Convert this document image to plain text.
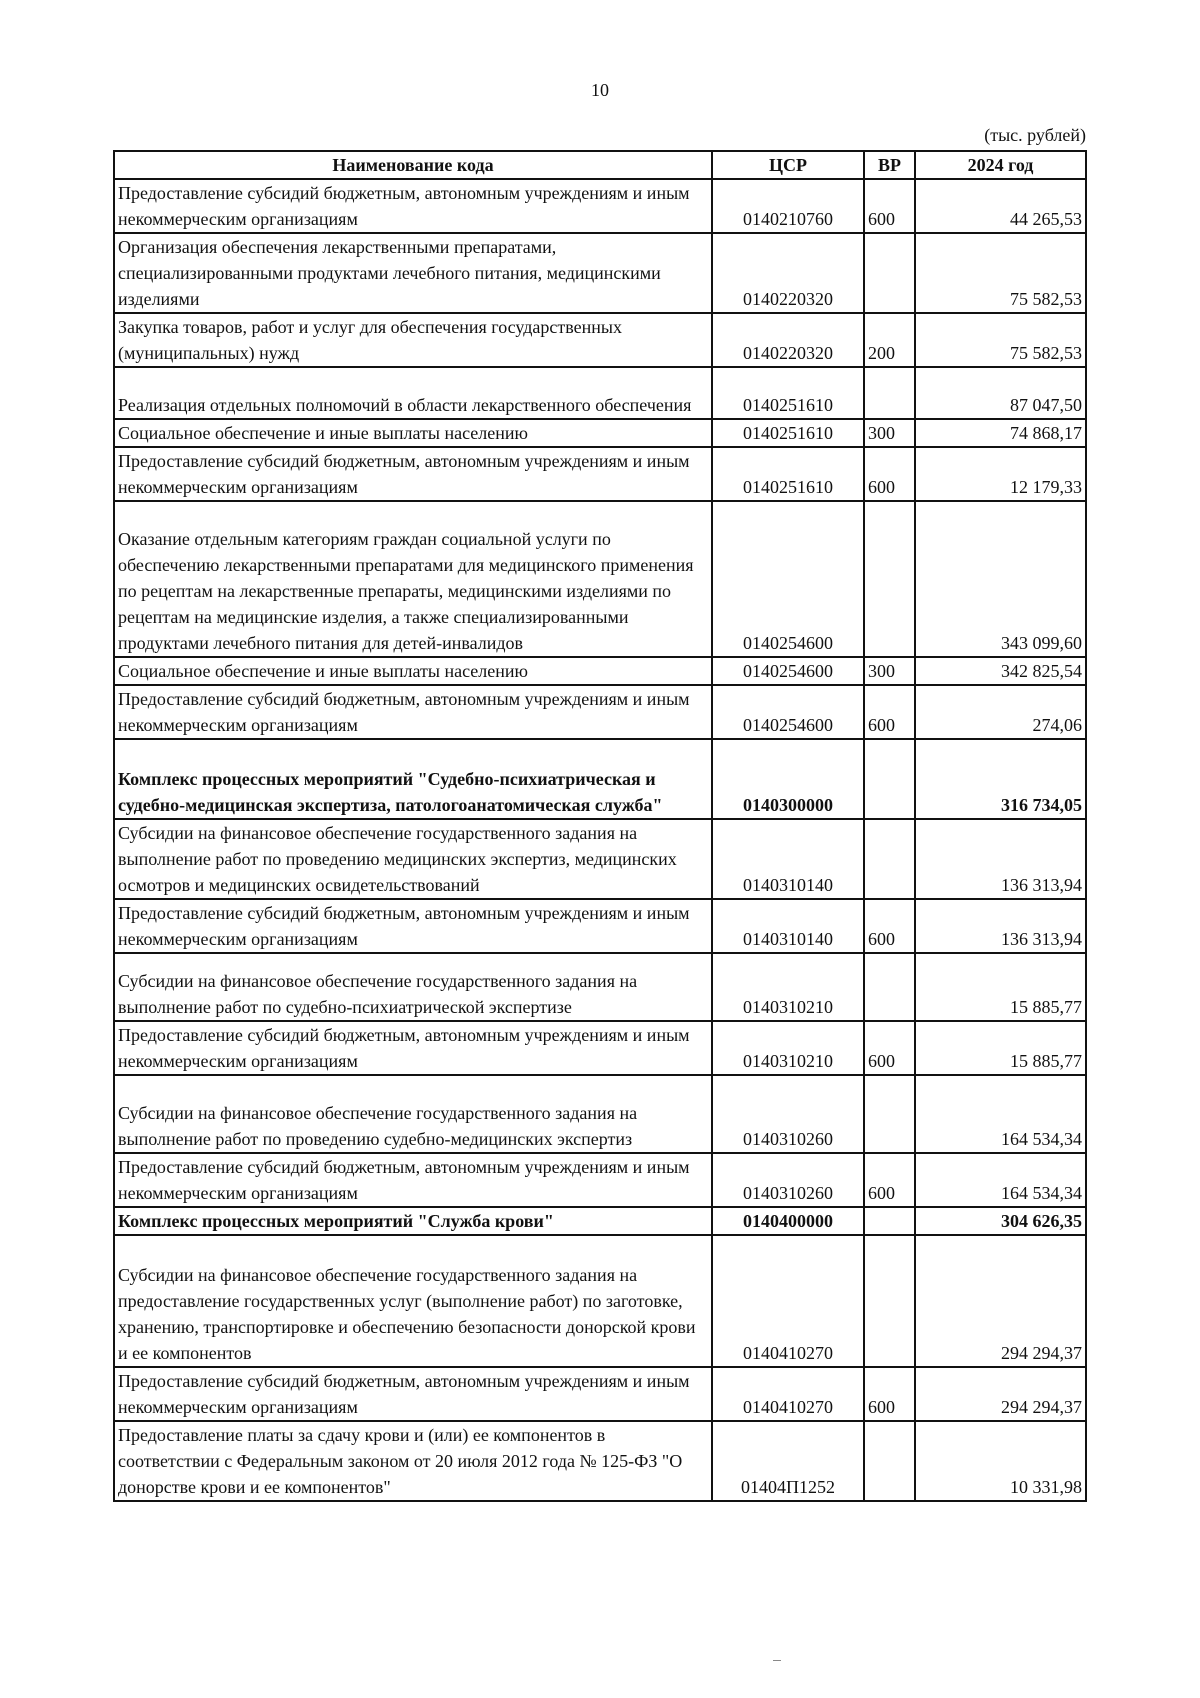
10
(тыс. рублей)
Наименование кода	ЦСР	ВР	2024 год
Предоставление субсидий бюджетным, автономным учреждениям и иным некоммерческим организациям	0140210760	600	44 265,53
Организация обеспечения лекарственными препаратами, специализированными продуктами лечебного питания, медицинскими изделиями	0140220320		75 582,53
Закупка товаров, работ и услуг для обеспечения государственных (муниципальных) нужд	0140220320	200	75 582,53
Реализация отдельных полномочий в области лекарственного обеспечения	0140251610		87 047,50
Социальное обеспечение и иные выплаты населению	0140251610	300	74 868,17
Предоставление субсидий бюджетным, автономным учреждениям и иным некоммерческим организациям	0140251610	600	12 179,33
Оказание отдельным категориям граждан социальной услуги по обеспечению лекарственными препаратами для медицинского применения по рецептам на лекарственные препараты, медицинскими изделиями по рецептам на медицинские изделия, а также специализированными продуктами лечебного питания для детей-инвалидов	0140254600		343 099,60
Социальное обеспечение и иные выплаты населению	0140254600	300	342 825,54
Предоставление субсидий бюджетным, автономным учреждениям и иным некоммерческим организациям	0140254600	600	274,06
Комплекс процессных мероприятий "Судебно-психиатрическая и судебно-медицинская экспертиза, патологоанатомическая служба"	0140300000		316 734,05
Субсидии на финансовое обеспечение государственного задания на выполнение работ по проведению медицинских экспертиз, медицинских осмотров и медицинских освидетельствований	0140310140		136 313,94
Предоставление субсидий бюджетным, автономным учреждениям и иным некоммерческим организациям	0140310140	600	136 313,94
Субсидии на финансовое обеспечение государственного задания на выполнение работ по судебно-психиатрической экспертизе	0140310210		15 885,77
Предоставление субсидий бюджетным, автономным учреждениям и иным некоммерческим организациям	0140310210	600	15 885,77
Субсидии на финансовое обеспечение государственного задания на выполнение работ по проведению судебно-медицинских экспертиз	0140310260		164 534,34
Предоставление субсидий бюджетным, автономным учреждениям и иным некоммерческим организациям	0140310260	600	164 534,34
Комплекс процессных мероприятий "Служба крови"	0140400000		304 626,35
Субсидии на финансовое обеспечение государственного задания на предоставление государственных услуг (выполнение работ) по заготовке, хранению, транспортировке и обеспечению безопасности донорской крови и ее компонентов	0140410270		294 294,37
Предоставление субсидий бюджетным, автономным учреждениям и иным некоммерческим организациям	0140410270	600	294 294,37
Предоставление платы за сдачу крови и (или) ее компонентов в соответствии с Федеральным законом от 20 июля 2012 года № 125-ФЗ "О донорстве крови и ее компонентов"	01404П1252		10 331,98
